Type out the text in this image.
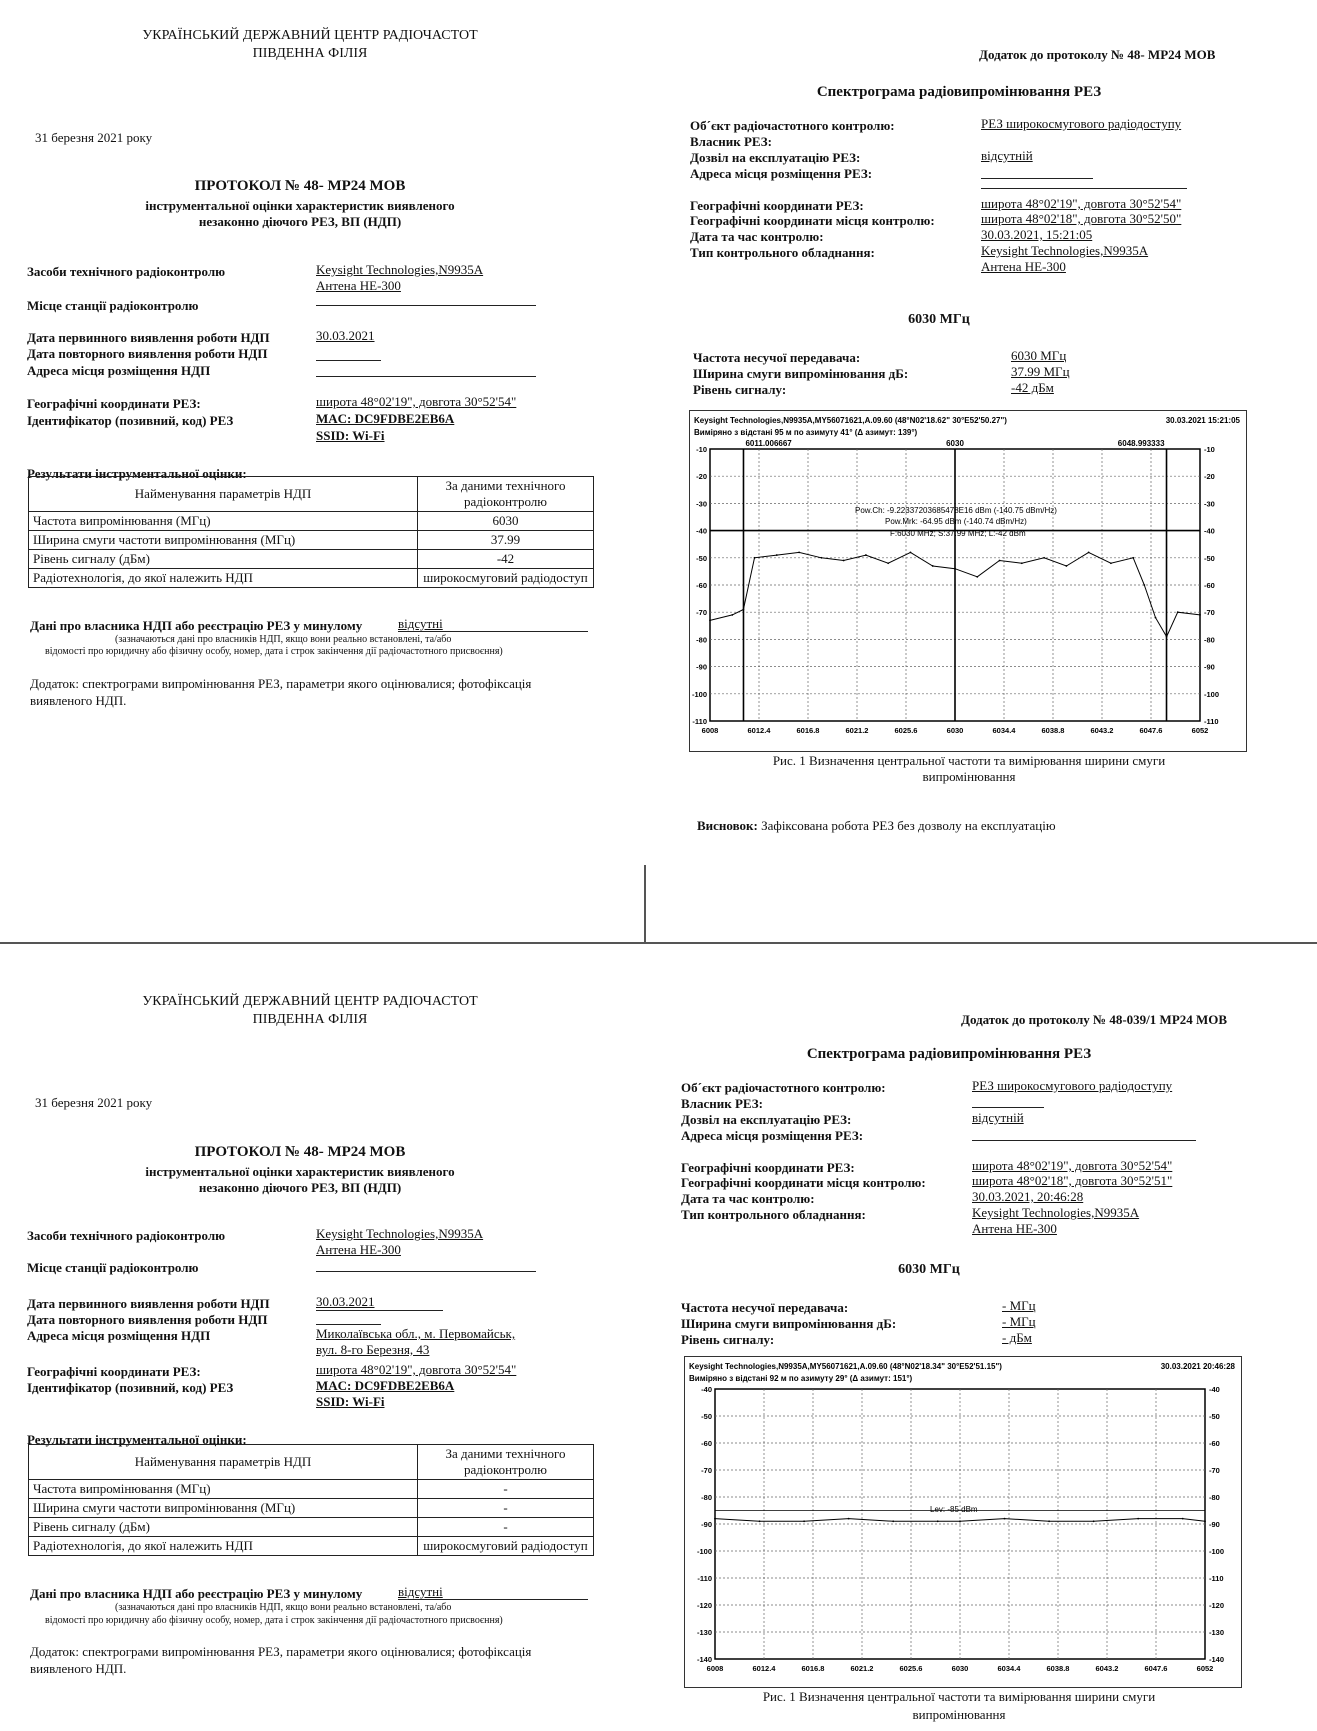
УКРАЇНСЬКИЙ ДЕРЖАВНИЙ ЦЕНТР РАДІОЧАСТОТ
ПІВДЕННА ФІЛІЯ
31 березня 2021 року
ПРОТОКОЛ № 48- МР24 МОВ
інструментальної оцінки характеристик виявленого
незаконно діючого РЕЗ, ВП (НДП)
Засоби технічного радіоконтролю	Keysight Technologies,N9935A
Антена НЕ-300
Місце станції радіоконтролю
Дата первинного виявлення роботи НДП	30.03.2021
Дата повторного виявлення роботи НДП
Адреса місця розміщення НДП
Географічні координати РЕЗ:	широта 48°02'19", довгота 30°52'54"
Ідентифікатор (позивний, код) РЕЗ	MAC: DC9FDBE2EB6A
SSID: Wi-Fi
Результати інструментальної оцінки:
Найменування параметрів НДП	За даними технічного радіоконтролю
Частота випромінювання (МГц)	6030
Ширина смуги частоти випромінювання (МГц)	37.99
Рівень сигналу (дБм)	-42
Радіотехнологія, до якої належить НДП	широкосмуговий радіодоступ
Дані про власника НДП або реєстрацію РЕЗ у минулому	відсутні
(зазначаються дані про власників НДП, якщо вони реально встановлені, та/або
відомості про юридичну або фізичну особу, номер, дата і строк закінчення дії радіочастотного присвоєння)
Додаток: спектрограми випромінювання РЕЗ, параметри якого оцінювалися; фотофіксація
виявленого НДП.
Додаток до протоколу № 48- МР24 МОВ
Спектрограма радіовипромінювання РЕЗ
Об´єкт радіочастотного контролю:	РЕЗ широкосмугового радіодоступу
Власник РЕЗ:
Дозвіл на експлуатацію РЕЗ:	відсутній
Адреса місця розміщення РЕЗ:
Географічні координати РЕЗ:	широта 48°02'19", довгота 30°52'54"
Географічні координати місця контролю:	широта 48°02'18", довгота 30°52'50"
Дата та час контролю:	30.03.2021, 15:21:05
Тип контрольного обладнання:	Keysight Technologies,N9935A
Антена НЕ-300
6030 МГц
Частота несучої передавача:	6030 МГц
Ширина смуги випромінювання дБ:	37.99 МГц
Рівень сигналу:	-42 дБм
Keysight Technologies,N9935A,MY56071621,A.09.60 (48°N02'18.62" 30°E52'50.27")	30.03.2021 15:21:05
Виміряно з відстані 95 м по азимуту 41° (Δ азимут: 139°)
6008	6012.4	6016.8	6021.2	6025.6	6030	6034.4	6038.8	6043.2	6047.6	6052
-10	-10
-20	-20
-30	-30
-40	-40
-50	-50
-60	-60
-70	-70
-80	-80
-90	-90
-100	-100
-110	-110
6011.006667	6030	6048.993333
Pow.Ch: -9.22337203685478E16 dBm (-140.75 dBm/Hz)
Pow.Mrk: -64.95 dBm (-140.74 dBm/Hz)
F:6030 MHz; S:37.99 MHz; L:-42 dBm
Рис. 1 Визначення центральної частоти та вимірювання ширини смуги
випромінювання
Висновок: Зафіксована робота РЕЗ без дозволу на експлуатацію
УКРАЇНСЬКИЙ ДЕРЖАВНИЙ ЦЕНТР РАДІОЧАСТОТ
ПІВДЕННА ФІЛІЯ
31 березня 2021 року
ПРОТОКОЛ № 48- МР24 МОВ
інструментальної оцінки характеристик виявленого
незаконно діючого РЕЗ, ВП (НДП)
Засоби технічного радіоконтролю	Keysight Technologies,N9935A
Антена НЕ-300
Місце станції радіоконтролю
Дата первинного виявлення роботи НДП	30.03.2021
Дата повторного виявлення роботи НДП
Адреса місця розміщення НДП	Миколаївська обл., м. Первомайськ,
вул. 8-го Березня, 43
Географічні координати РЕЗ:	широта 48°02'19", довгота 30°52'54"
Ідентифікатор (позивний, код) РЕЗ	MAC: DC9FDBE2EB6A
SSID: Wi-Fi
Результати інструментальної оцінки:
Найменування параметрів НДП	За даними технічного радіоконтролю
Частота випромінювання (МГц)	-
Ширина смуги частоти випромінювання (МГц)	-
Рівень сигналу (дБм)	-
Радіотехнологія, до якої належить НДП	широкосмуговий радіодоступ
Дані про власника НДП або реєстрацію РЕЗ у минулому	відсутні
(зазначаються дані про власників НДП, якщо вони реально встановлені, та/або
відомості про юридичну або фізичну особу, номер, дата і строк закінчення дії радіочастотного присвоєння)
Додаток: спектрограми випромінювання РЕЗ, параметри якого оцінювалися; фотофіксація
виявленого НДП.
Додаток до протоколу № 48-039/1 МР24 МОВ
Спектрограма радіовипромінювання РЕЗ
Об´єкт радіочастотного контролю:	РЕЗ широкосмугового радіодоступу
Власник РЕЗ:
Дозвіл на експлуатацію РЕЗ:	відсутній
Адреса місця розміщення РЕЗ:
Географічні координати РЕЗ:	широта 48°02'19", довгота 30°52'54"
Географічні координати місця контролю:	широта 48°02'18", довгота 30°52'51"
Дата та час контролю:	30.03.2021, 20:46:28
Тип контрольного обладнання:	Keysight Technologies,N9935A
Антена НЕ-300
6030 МГц
Частота несучої передавача:	- МГц
Ширина смуги випромінювання дБ:	- МГц
Рівень сигналу:	- дБм
Keysight Technologies,N9935A,MY56071621,A.09.60 (48°N02'18.34" 30°E52'51.15")	30.03.2021 20:46:28
Виміряно з відстані 92 м по азимуту 29° (Δ азимут: 151°)
6008	6012.4	6016.8	6021.2	6025.6	6030	6034.4	6038.8	6043.2	6047.6	6052
-40	-40
-50	-50
-60	-60
-70	-70
-80	-80
-90	-90
-100	-100
-110	-110
-120	-120
-130	-130
-140	-140
Lev: -85 dBm
Рис. 1 Визначення центральної частоти та вимірювання ширини смуги
випромінювання
